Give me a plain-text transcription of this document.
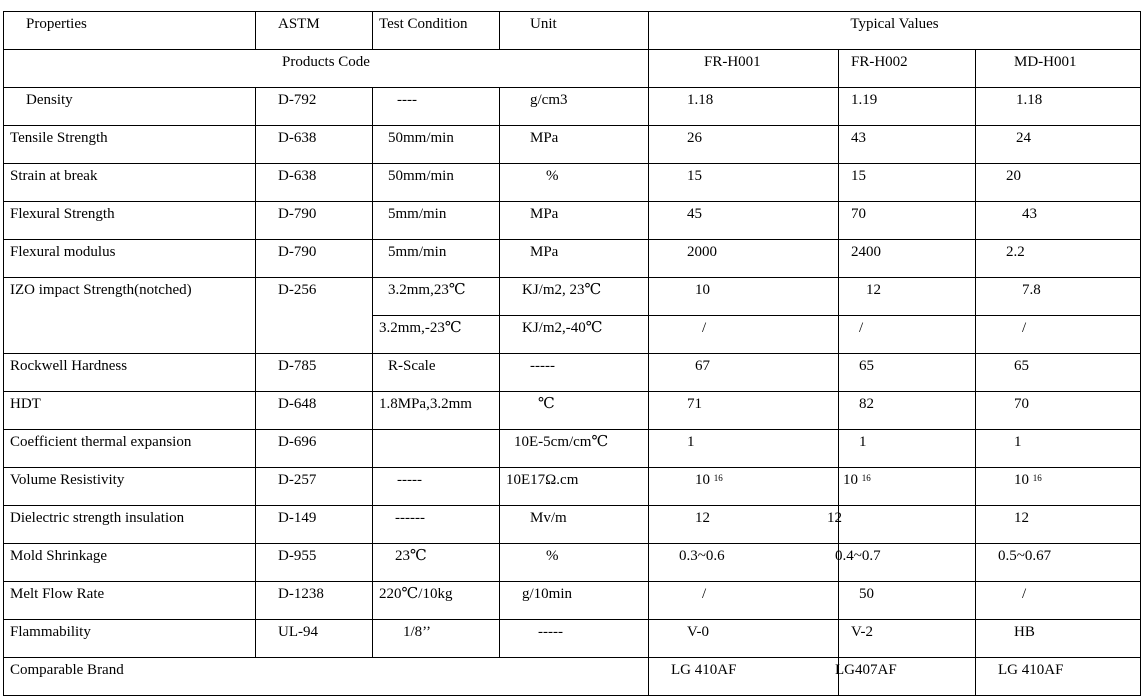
Properties	ASTM	Test Condition	Unit	Typical Values		
Products Code				FR-H001	FR-H002	MD-H001
Density	D-792	----	g/cm3	1.18	1.19	1.18
Tensile Strength	D-638	50mm/min	MPa	26	43	24
Strain at break	D-638	50mm/min	%	15	15	20
Flexural Strength	D-790	5mm/min	MPa	45	70	43
Flexural modulus	D-790	5mm/min	MPa	2000	2400	2.2
IZO impact Strength(notched)	D-256	3.2mm,23℃	KJ/m2, 23℃	10	12	7.8
		3.2mm,-23℃	KJ/m2,-40℃	/	/	/
Rockwell Hardness	D-785	R-Scale	-----	67	65	65
HDT	D-648	1.8MPa,3.2mm	℃	71	82	70
Coefficient thermal expansion	D-696		10E-5cm/cm℃	1	1	1
Volume Resistivity	D-257	-----	10E17Ω.cm	10 $^{16}$	10 $^{16}$	10 $^{16}$
Dielectric strength insulation	D-149	------	Mv/m	12	12	12
Mold Shrinkage	D-955	23℃	%	0.3~0.6	0.4~0.7	0.5~0.67
Melt Flow Rate	D-1238	220℃/10kg	g/10min	/	50	/
Flammability	UL-94	1/8’’	-----	V-0	V-2	HB
Comparable Brand				LG 410AF	LG407AF	LG 410AF
